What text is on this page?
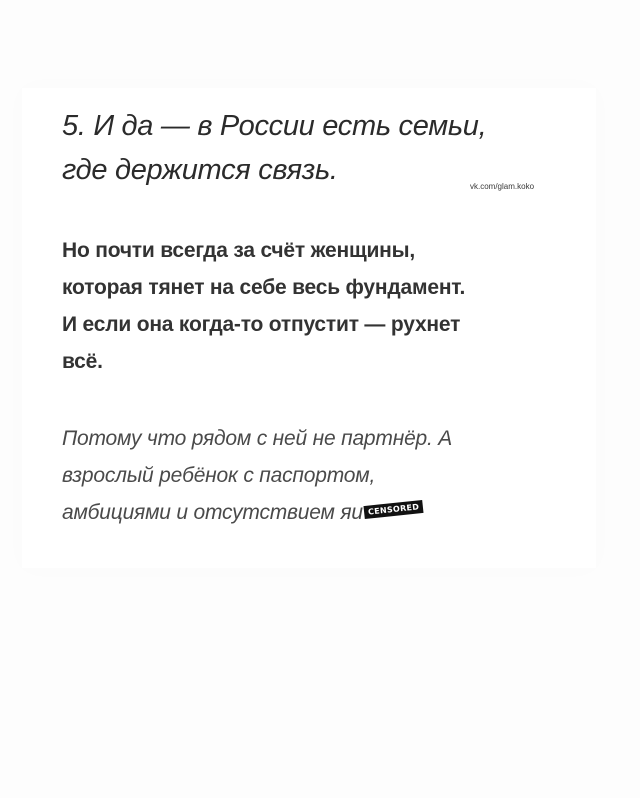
5. И да — в России есть семьи,
где держится связь.
vk.com/glam.koko

Но почти всегда за счёт женщины,
которая тянет на себе весь фундамент.
И если она когда-то отпустит — рухнет
всё.

Потому что рядом с ней не партнёр. А
взрослый ребёнок с паспортом,
амбициями и отсутствием яи CENSORED
